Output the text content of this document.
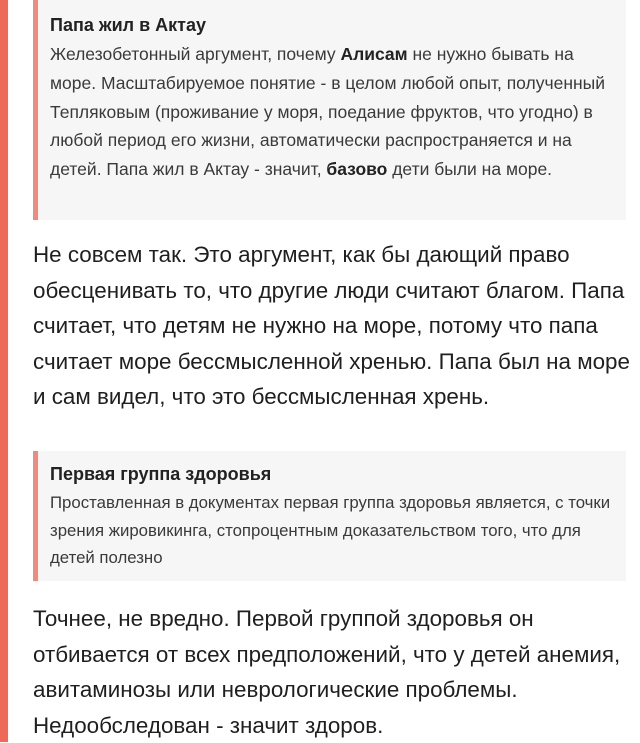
Папа жил в Актау
Железобетонный аргумент, почему Алисам не нужно бывать на море. Масштабируемое понятие - в целом любой опыт, полученный Тепляковым (проживание у моря, поедание фруктов, что угодно) в любой период его жизни, автоматически распространяется и на детей. Папа жил в Актау - значит, базово дети были на море.
Не совсем так. Это аргумент, как бы дающий право обесценивать то, что другие люди считают благом. Папа считает, что детям не нужно на море, потому что папа считает море бессмысленной хренью. Папа был на море и сам видел, что это бессмысленная хрень.
Первая группа здоровья
Проставленная в документах первая группа здоровья является, с точки зрения жировикинга, стопроцентным доказательством того, что для детей полезно
Точнее, не вредно. Первой группой здоровья он отбивается от всех предположений, что у детей анемия, авитаминозы или неврологические проблемы. Недообследован - значит здоров.
